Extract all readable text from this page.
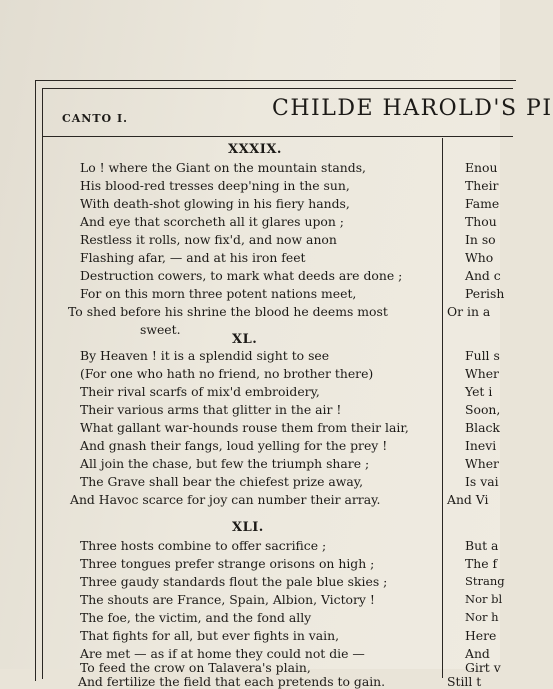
CANTO I.	CHILDE HAROLD'S PI
XXXIX.
Lo ! where the Giant on the mountain stands,
His blood-red tresses deep'ning in the sun,
With death-shot glowing in his fiery hands,
And eye that scorcheth all it glares upon ;
Restless it rolls, now fix'd, and now anon
Flashing afar, — and at his iron feet
Destruction cowers, to mark what deeds are done ;
For on this morn three potent nations meet,
To shed before his shrine the blood he deems most
sweet.
XL.
By Heaven ! it is a splendid sight to see
(For one who hath no friend, no brother there)
Their rival scarfs of mix'd embroidery,
Their various arms that glitter in the air !
What gallant war-hounds rouse them from their lair,
And gnash their fangs, loud yelling for the prey !
All join the chase, but few the triumph share ;
The Grave shall bear the chiefest prize away,
And Havoc scarce for joy can number their array.
XLI.
Three hosts combine to offer sacrifice ;
Three tongues prefer strange orisons on high ;
Three gaudy standards flout the pale blue skies ;
The shouts are France, Spain, Albion, Victory !
The foe, the victim, and the fond ally
That fights for all, but ever fights in vain,
Are met — as if at home they could not die —
To feed the crow on Talavera's plain,
And fertilize the field that each pretends to gain.
Enou
Their
Fame
Thou
In so
Who
And c
Perish
Or in a
Full s
Wher
Yet i
Soon,
Black
Inevi
Wher
Is vai
And Vi
But a
The f
Strang
Nor bl
Nor h
Here
And
Girt v
Still t
